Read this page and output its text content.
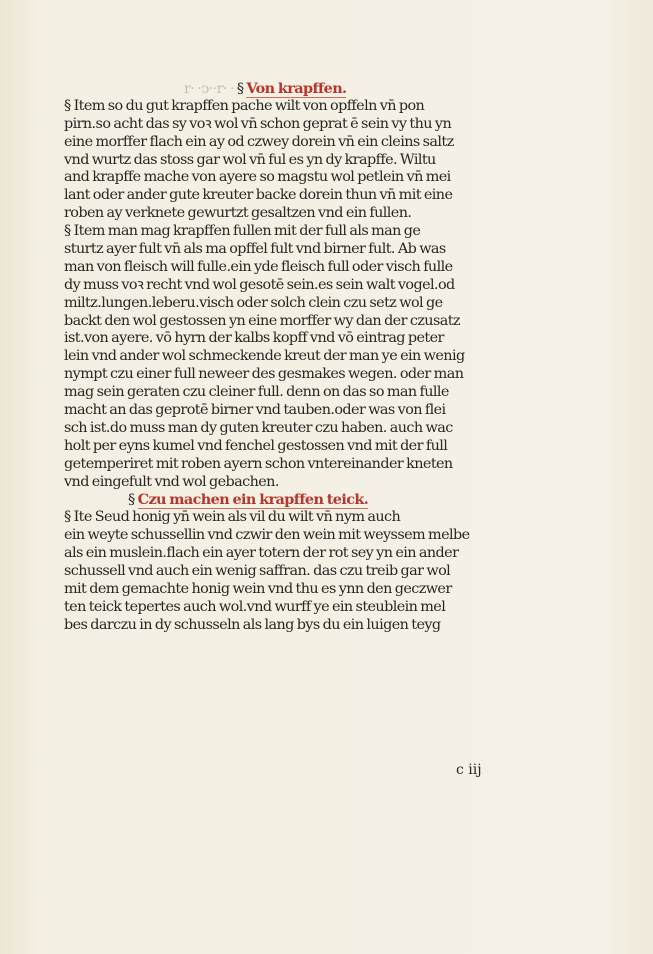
r· ·ↄ··r· · § Von krapffen.
§ Item so du gut krapffen pache wilt von opffeln vn̄ pon
pirn.so acht das sy voꝛ wol vn̄ schon geprat ē sein vy thu yn
eine morffer flach ein ay od̄ czwey dorein vn̄ ein cleins saltz
vnd wurtz das stoss gar wol vn̄ ful es yn dy krapffe. Wiltu
and̄ krapffe mache von ayere so magstu wol petlein vn̄ mei
lant oder ander gute kreuter backe dorein thun vn̄ mit eine
roben ay verknete gewurtzt gesaltzen vnd ein fullen.
§ Item man mag krapffen fullen mit der full als man ge
sturtz ayer fult vn̄ als ma opffel fult vnd birner fult. Ab was
man von fleisch will fulle.ein yde fleisch full oder visch fulle
dy muss voꝛ recht vnd wol gesotē sein.es sein walt vogel.od̄
miltz.lungen.leberu.visch oder solch clein czu setz wol ge
backt den wol gestossen yn eine morffer wy dan der czusatz
ist.von ayere. vō hyrn der kalbs kopff vnd vō eintrag peter
lein vnd ander wol schmeckende kreut der man ye ein wenig
nympt czu einer full neweer des gesmakes wegen. oder man
mag sein geraten czu cleiner full. denn on das so man fulle
macht an das geprotē birner vnd tauben.oder was von flei
sch ist.do muss man dy guten kreuter czu haben. auch wac
holt per eyns kumel vnd fenchel gestossen vnd mit der full
getemperiret mit roben ayern schon vntereinander kneten
vnd eingefult vnd wol gebachen.
§ Czu machen ein krapffen teick.
§ Ite Seud honig yn̄ wein als vil du wilt vn̄ nym auch
ein weyte schussellin vnd czwir den wein mit weyssem melbe
als ein muslein.flach ein ayer totern der rot sey yn ein ander
schussell vnd auch ein wenig saffran. das czu treib gar wol
mit dem gemachte honig wein vnd thu es ynn den geczwer
ten teick tepertes auch wol.vnd wurff ye ein steublein mel
bes darczu in dy schusseln als lang bys du ein luigen teyg
c iij
